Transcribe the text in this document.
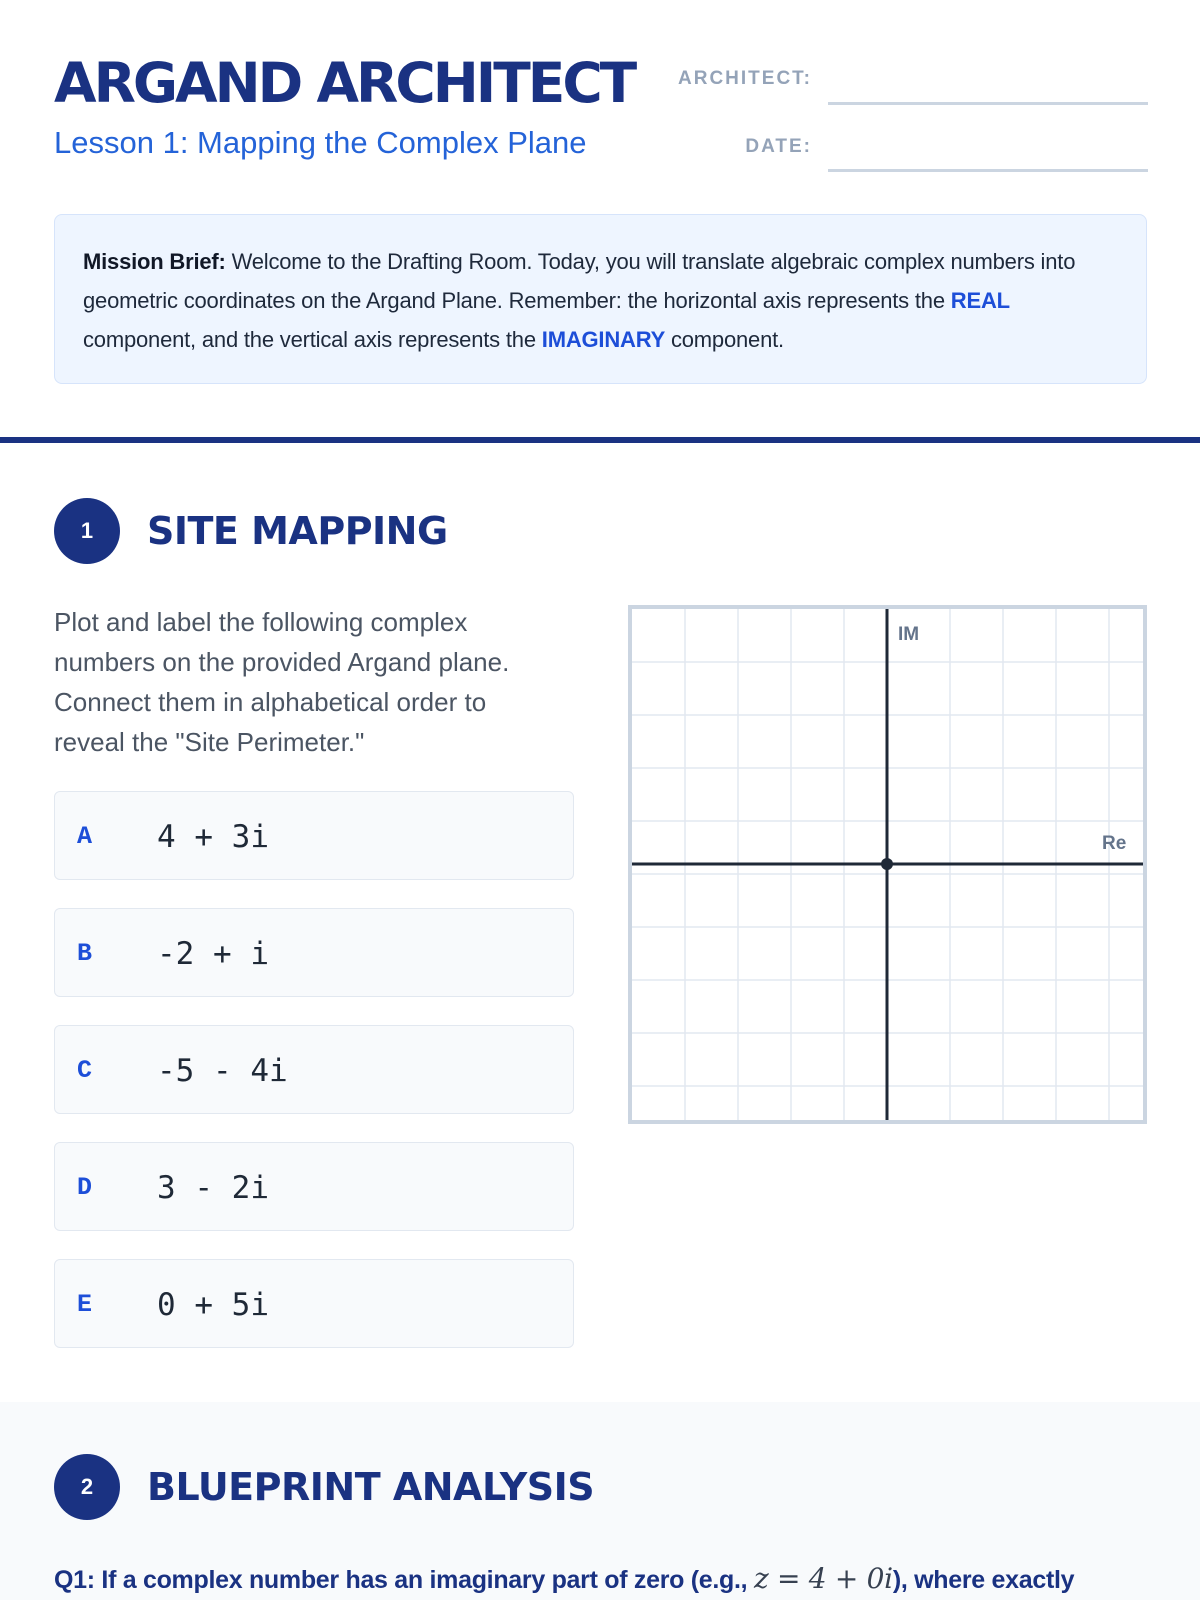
ARGAND ARCHITECT
Lesson 1: Mapping the Complex Plane
ARCHITECT:
DATE:
Mission Brief: Welcome to the Drafting Room. Today, you will translate algebraic complex numbers into geometric coordinates on the Argand Plane. Remember: the horizontal axis represents the REAL component, and the vertical axis represents the IMAGINARY component.
1	SITE MAPPING
Plot and label the following complex numbers on the provided Argand plane. Connect them in alphabetical order to reveal the "Site Perimeter."
A 4 + 3i
B -2 + i
C -5 - 4i
D 3 - 2i
E 0 + 5i
IM
Re
2	BLUEPRINT ANALYSIS
Q1: If a complex number has an imaginary part of zero (e.g., z = 4 + 0i), where exactly
